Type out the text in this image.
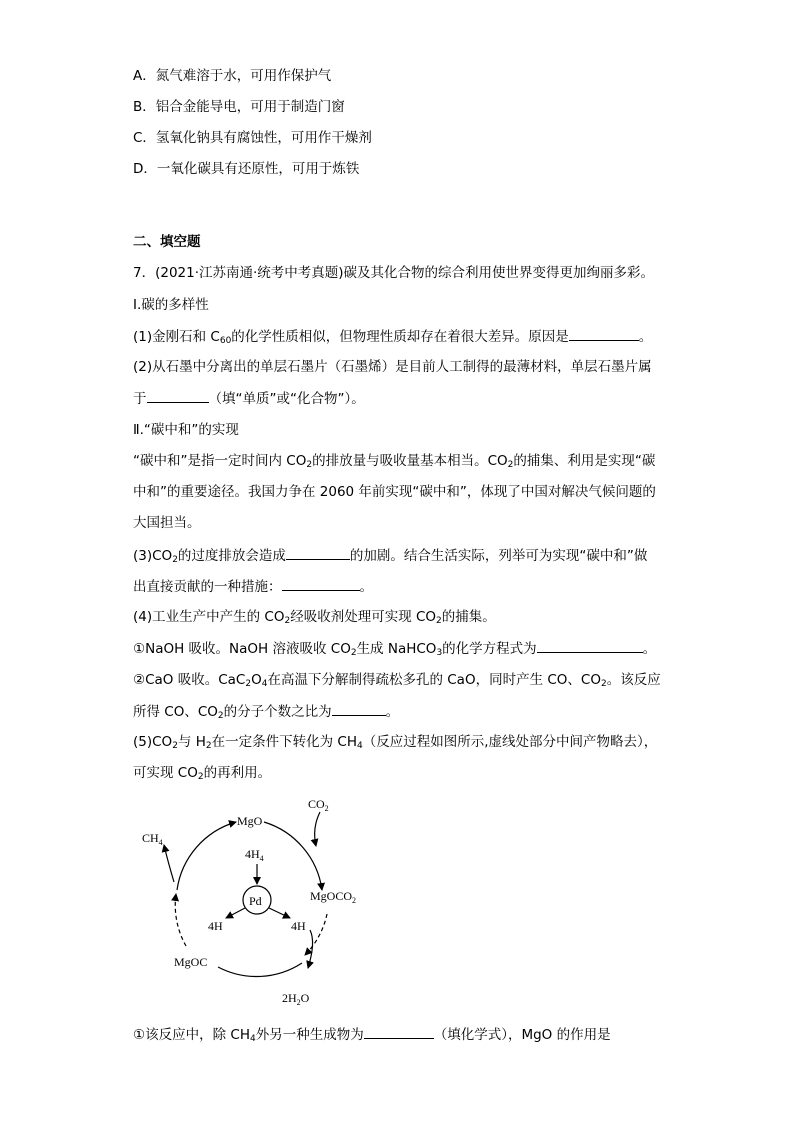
A．氮气难溶于水，可用作保护气
B．铝合金能导电，可用于制造门窗
C．氢氧化钠具有腐蚀性，可用作干燥剂
D．一氧化碳具有还原性，可用于炼铁
二、填空题
7．(2021·江苏南通·统考中考真题)碳及其化合物的综合利用使世界变得更加绚丽多彩。
Ⅰ.碳的多样性
(1)金刚石和 $C_{60}$的化学性质相似，但物理性质却存在着很大差异。原因是	。
(2)从石墨中分离出的单层石墨片（石墨烯）是目前人工制得的最薄材料，单层石墨片属
于	（填“单质”或“化合物”）。
Ⅱ.“碳中和”的实现
“碳中和”是指一定时间内 $CO_2$的排放量与吸收量基本相当。$CO_2$的捕集、利用是实现“碳
中和”的重要途径。我国力争在 2060 年前实现“碳中和”，体现了中国对解决气候问题的
大国担当。
$(3)CO_2$的过度排放会造成	的加剧。结合生活实际，列举可为实现“碳中和”做
出直接贡献的一种措施：	。
(4)工业生产中产生的 $CO_2$经吸收剂处理可实现 $CO_2$的捕集。
①NaOH 吸收。NaOH 溶液吸收 $CO_2$生成 NaHCO$_3$的化学方程式为	。
②CaO 吸收。$CaC_2O_4$在高温下分解制得疏松多孔的 CaO，同时产生 CO、$CO_2$。该反应
所得 CO、$CO_2$的分子个数之比为	。
$(5)CO_2$与 $H_2$在一定条件下转化为 $CH_4$（反应过程如图所示,虚线处部分中间产物略去），
可实现 $CO_2$的再利用。
$CH_4$
MgO
$CO_2$
$4H_4$
Pd	MgOCO$_2$
4H	4H
MgOC
$2H_2O$
①该反应中，除 $CH_4$外另一种生成物为	（填化学式），MgO 的作用是
